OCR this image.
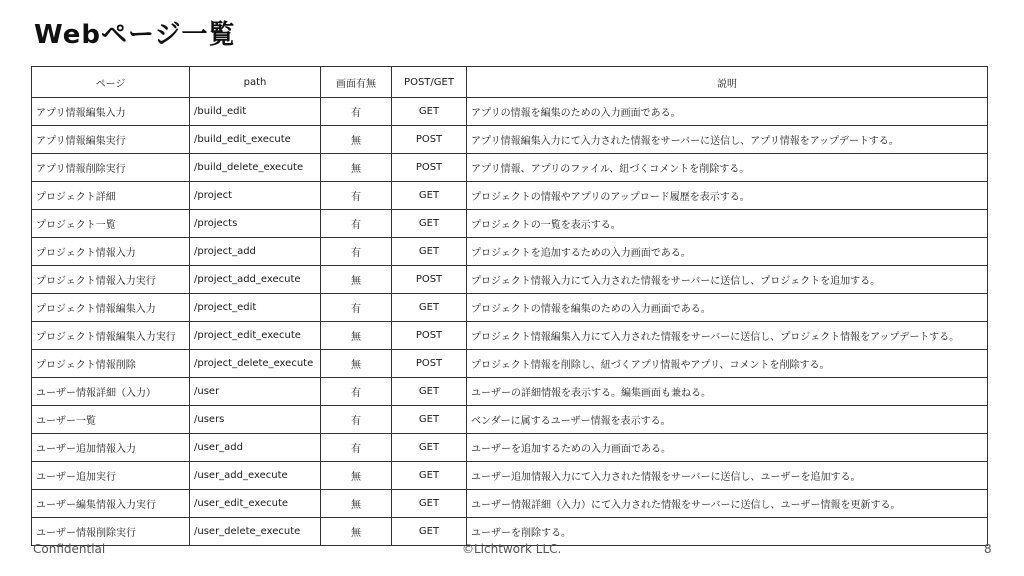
Webページ一覧
ページ	path	画面有無	POST/GET	説明
アプリ情報編集入力	/build_edit	有	GET	アプリの情報を編集のための入力画面である。
アプリ情報編集実行	/build_edit_execute	無	POST	アプリ情報編集入力にて入力された情報をサーバーに送信し、アプリ情報をアップデートする。
アプリ情報削除実行	/build_delete_execute	無	POST	アプリ情報、アプリのファイル、紐づくコメントを削除する。
プロジェクト詳細	/project	有	GET	プロジェクトの情報やアプリのアップロード履歴を表示する。
プロジェクト一覧	/projects	有	GET	プロジェクトの一覧を表示する。
プロジェクト情報入力	/project_add	有	GET	プロジェクトを追加するための入力画面である。
プロジェクト情報入力実行	/project_add_execute	無	POST	プロジェクト情報入力にて入力された情報をサーバーに送信し、プロジェクトを追加する。
プロジェクト情報編集入力	/project_edit	有	GET	プロジェクトの情報を編集のための入力画面である。
プロジェクト情報編集入力実行	/project_edit_execute	無	POST	プロジェクト情報編集入力にて入力された情報をサーバーに送信し、プロジェクト情報をアップデートする。
プロジェクト情報削除	/project_delete_execute	無	POST	プロジェクト情報を削除し、紐づくアプリ情報やアプリ、コメントを削除する。
ユーザー情報詳細（入力）	/user	有	GET	ユーザーの詳細情報を表示する。編集画面も兼ねる。
ユーザー一覧	/users	有	GET	ベンダーに属するユーザー情報を表示する。
ユーザー追加情報入力	/user_add	有	GET	ユーザーを追加するための入力画面である。
ユーザー追加実行	/user_add_execute	無	GET	ユーザー追加情報入力にて入力された情報をサーバーに送信し、ユーザーを追加する。
ユーザー編集情報入力実行	/user_edit_execute	無	GET	ユーザー情報詳細（入力）にて入力された情報をサーバーに送信し、ユーザー情報を更新する。
ユーザー情報削除実行	/user_delete_execute	無	GET	ユーザーを削除する。
Confidential	©Lichtwork LLC.	8
